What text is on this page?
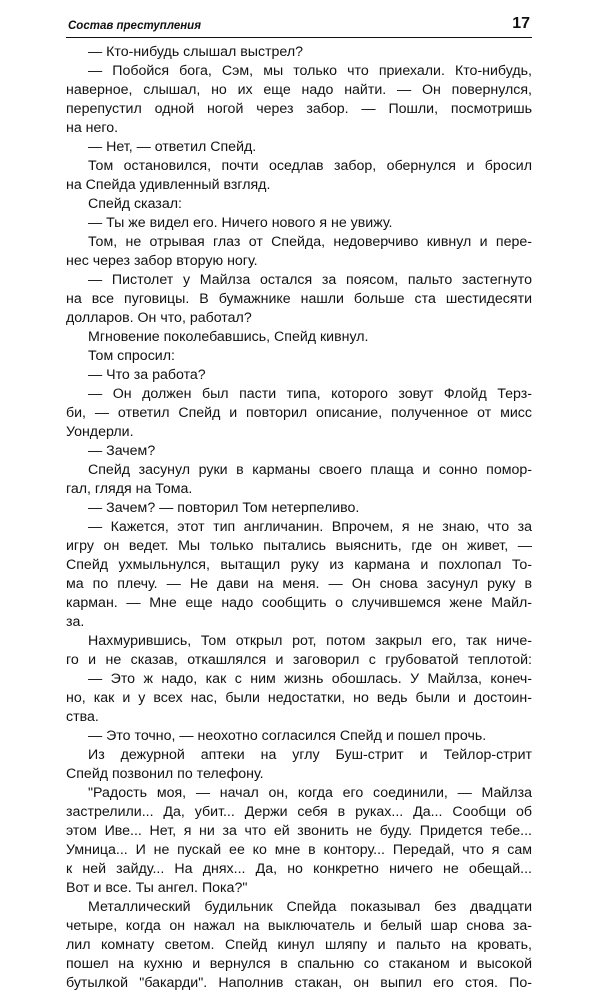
Состав преступления	17
— Кто-нибудь слышал выстрел?
— Побойся бога, Сэм, мы только что приехали. Кто-нибудь,
наверное, слышал, но их еще надо найти. — Он повернулся,
перепустил одной ногой через забор. — Пошли, посмотришь
на него.
— Нет, — ответил Спейд.
Том остановился, почти оседлав забор, обернулся и бросил
на Спейда удивленный взгляд.
Спейд сказал:
— Ты же видел его. Ничего нового я не увижу.
Том, не отрывая глаз от Спейда, недоверчиво кивнул и пере-
нес через забор вторую ногу.
— Пистолет у Майлза остался за поясом, пальто застегнуто
на все пуговицы. В бумажнике нашли больше ста шестидесяти
долларов. Он что, работал?
Мгновение поколебавшись, Спейд кивнул.
Том спросил:
— Что за работа?
— Он должен был пасти типа, которого зовут Флойд Терз-
би, — ответил Спейд и повторил описание, полученное от мисс
Уондерли.
— Зачем?
Спейд засунул руки в карманы своего плаща и сонно помор-
гал, глядя на Тома.
— Зачем? — повторил Том нетерпеливо.
— Кажется, этот тип англичанин. Впрочем, я не знаю, что за
игру он ведет. Мы только пытались выяснить, где он живет, —
Спейд ухмыльнулся, вытащил руку из кармана и похлопал То-
ма по плечу. — Не дави на меня. — Он снова засунул руку в
карман. — Мне еще надо сообщить о случившемся жене Майл-
за.
Нахмурившись, Том открыл рот, потом закрыл его, так ниче-
го и не сказав, откашлялся и заговорил с грубоватой теплотой:
— Это ж надо, как с ним жизнь обошлась. У Майлза, конеч-
но, как и у всех нас, были недостатки, но ведь были и достоин-
ства.
— Это точно, — неохотно согласился Спейд и пошел прочь.
Из дежурной аптеки на углу Буш-стрит и Тейлор-стрит
Спейд позвонил по телефону.
"Радость моя, — начал он, когда его соединили, — Майлза
застрелили... Да, убит... Держи себя в руках... Да... Сообщи об
этом Иве... Нет, я ни за что ей звонить не буду. Придется тебе...
Умница... И не пускай ее ко мне в контору... Передай, что я сам
к ней зайду... На днях... Да, но конкретно ничего не обещай...
Вот и все. Ты ангел. Пока?"
Металлический будильник Спейда показывал без двадцати
четыре, когда он нажал на выключатель и белый шар снова за-
лил комнату светом. Спейд кинул шляпу и пальто на кровать,
пошел на кухню и вернулся в спальню со стаканом и высокой
бутылкой "бакарди". Наполнив стакан, он выпил его стоя. По-
